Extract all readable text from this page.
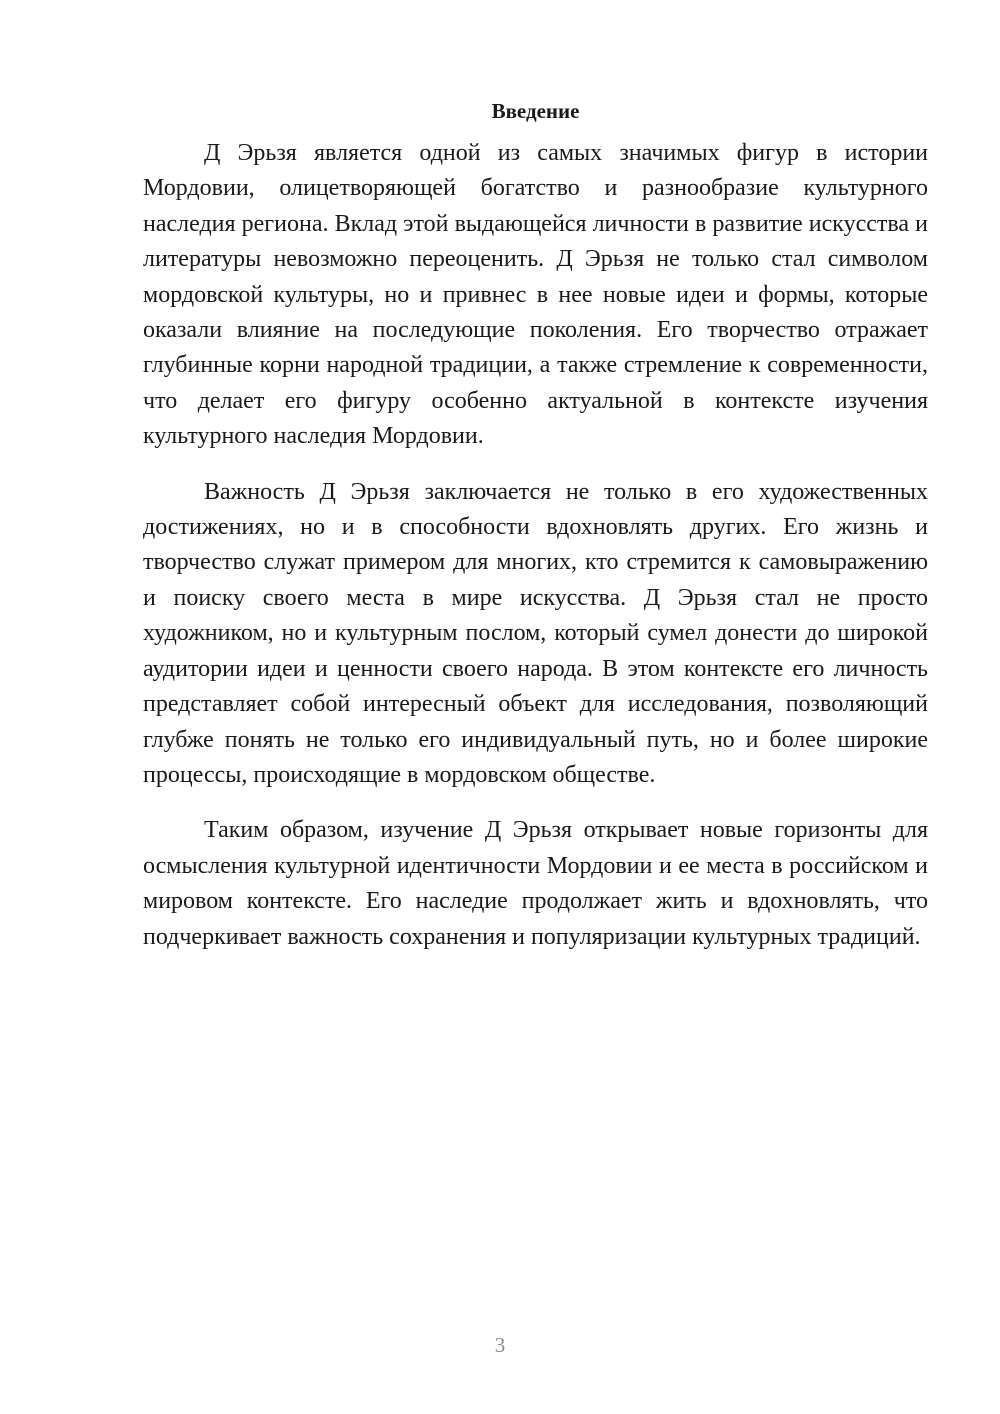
Введение

Д Эрьзя является одной из самых значимых фигур в истории Мордовии, олицетворяющей богатство и разнообразие культурного наследия региона. Вклад этой выдающейся личности в развитие искусства и литературы невозможно переоценить. Д Эрьзя не только стал символом мордовской культуры, но и привнес в нее новые идеи и формы, которые оказали влияние на последующие поколения. Его творчество отражает глубинные корни народной традиции, а также стремление к современности, что делает его фигуру особенно актуальной в контексте изучения культурного наследия Мордовии.

Важность Д Эрьзя заключается не только в его художественных достижениях, но и в способности вдохновлять других. Его жизнь и творчество служат примером для многих, кто стремится к самовыражению и поиску своего места в мире искусства. Д Эрьзя стал не просто художником, но и культурным послом, который сумел донести до широкой аудитории идеи и ценности своего народа. В этом контексте его личность представляет собой интересный объект для исследования, позволяющий глубже понять не только его индивидуальный путь, но и более широкие процессы, происходящие в мордовском обществе.

Таким образом, изучение Д Эрьзя открывает новые горизонты для осмысления культурной идентичности Мордовии и ее места в российском и мировом контексте. Его наследие продолжает жить и вдохновлять, что подчеркивает важность сохранения и популяризации культурных традиций.

3
